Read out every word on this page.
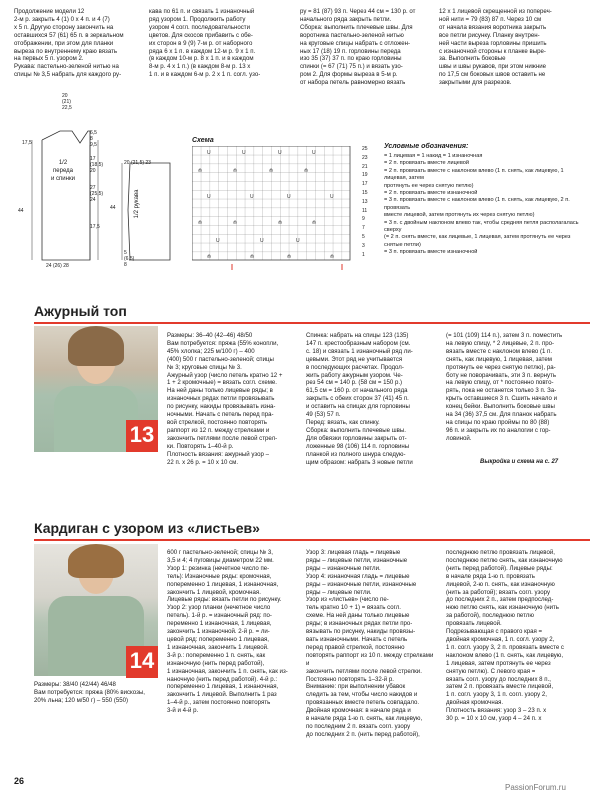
Продолжение модели 12
2-м р. закрыть 4 (1) 0 х 4 п. и 4 (7)
х 5 п. Другую сторону закончить на
оставшихся 57 (61) 65 п. в зеркальном
отображении, при этом для планки
выреза по внутреннему краю вязать
на первых 5 п. узором 2.
Рукава: пастельно-зеленой нитью на
спицы № 3,5 набрать для каждого ру-
кава по 61 п. и связать 1 изнаночный
ряд узором 1. Продолжить работу
узором 4 согл. последовательности
цветов. Для скосов прибавить с обе-
их сторон в 9 (9) 7-м р. от наборного
ряда 6 х 1 п. в каждом 12-м р. 9 х 1 п.
(в каждом 10-м р. 8 х 1 п. и в каждом
8-м р. 4 х 1 п.) (в каждом 8-м р. 13 х
1 п. и в каждом 6-м р. 2 х 1 п. согл. узо-
ру = 81 (87) 93 п. Через 44 см = 130 р. от
начального ряда закрыть петли.
Сборка: выполнить плечевые швы. Для
воротника пастельно-зеленой нитью
на круговые спицы набрать с отложен-
ных 17 (18) 19 п. горловины переда
изо 35 (37) 37 п. по краю горловины
спинки (= 67 (71) 75 п.) и вязать узо-
ром 2. Для формы выреза в 5-м р.
от набора петель равномерно вязать
12 х 1 лицевой скрещенной из попереч-
ной нити = 79 (83) 87 п. Через 10 см
от начала вязания воротника закрыть
все петли рисунку. Планку внутрен-
ней части выреза горловины пришить
с изнаночной стороны к планке выре-
за. Выполнить боковые
швы и швы рукавов, при этом нижние
по 17,5 см боковых швов оставить не
закрытыми для разрезов.
1/2
переда
и спинки
1/2 рукава
20
(21)
22,5
6,5
8
9,5
17
(18,5)
20
20 (21,5) 23
27
(25,5)
24
44
17,5
24 (26) 28
44
5
(6,5)
8
17,5	Схема
U	U	U	U
⟰	⟰	⟰	⟰
U	U	U	U
⟰	⟰	⟰	⟰
U	U	U
⟰	⟰	⟰	⟰
25
23
21
19
17
15
13
11
9
7
5
3
1
Условные обозначения:
= 1 лицевая = 1 накид = 1 изнаночная
= 2 п. провязать вместе лицевой
= 2 п. провязать вместе с наклоном влево (1 п. снять, как лицевую, 1 лицевая, затем
протянуть ее через снятую петлю)
= 2 п. провязать вместе изнаночной
= 3 п. провязать вместе с наклоном влево (1 п. снять, как лицевую, 2 п. провязать
вместе лицевой, затем протянуть их через снятую петлю)
= 3 п. с двойным наклоном влево так, чтобы средняя петля располагалась сверху
(= 2 п. снять вместе, как лицевые, 1 лицевая, затем протянуть ее через
снятые петли)
= 3 п. провязать вместе изнаночной
Ажурный топ
13
Размеры: 36–40 (42–46) 48/50
Вам потребуется: пряжа (55% конопли,
45% хлопка; 225 м/100 г) – 400
(400) 500 г пастельно-зеленой; спицы
№ 3; круговые спицы № 3.
Ажурный узор (число петель кратно 12 +
1 + 2 кромочные) = вязать согл. схеме.
На ней даны только лицевые ряды; в
изнаночных рядах петли провязывать
по рисунку, накиды провязывать изна-
ночными. Начать с петель перед пра-
вой стрелкой, постоянно повторять
раппорт из 12 п. между стрелками и
закончить петлями после левой стрел-
ки. Повторять 1–40-й р.
Плотность вязания: ажурный узор –
22 п. х 26 р. = 10 х 10 см.
Спинка: набрать на спицы 123 (135)
147 п. крестообразным набором (см.
с. 18) и связать 1 изнаночный ряд ли-
цевыми. Этот ряд не учитывается
в последующих расчетах. Продол-
жить работу ажурным узором. Че-
рез 54 см = 140 р. (58 см = 150 р.)
61,5 см = 160 р. от начального ряда
закрыть с обеих сторон 37 (41) 45 п.
и оставить на спицах для горловины
49 (53) 57 п.
Перед: вязать, как спинку.
Сборка: выполнить плечевые швы.
Для обвязки горловины закрыть от-
ложенные 98 (106) 114 п. горловины
планкой из полного шнура следую-
щим образом: набрать 3 новые петли
(= 101 (109) 114 п.), затем 3 п. поместить
на левую спицу, * 2 лицевые, 2 п. про-
вязать вместе с наклоном влево (1 п.
снять, как лицевую, 1 лицевая, затем
протянуть ее через снятую петлю), ра-
боту не поворачивать, эти 3 п. вернуть
на левую спицу, от * постоянно повто-
рять, пока не останется только 3 п. За-
крыть оставшиеся 3 п. Сшить начало и
конец бейки. Выполнить боковые швы
на 34 (36) 37,5 см. Для планок набрать
на спицы по краю проймы по 80 (88)
96 п. и закрыть их по аналогии с гор-
ловиной.
Выкройка и схема на с. 27
Кардиган с узором из «листьев»
14
Размеры: 38/40 (42/44) 46/48
Вам потребуется: пряжа (80% вискозы,
20% льна; 120 м/50 г) – 550 (550)
600 г пастельно-зеленой; спицы № 3,
3,5 и 4; 4 пуговицы диаметром 22 мм.
Узор 1: резинка (нечетное число пе-
тель): Изнаночные ряды: кромочная,
попеременно 1 лицевая, 1 изнаночная,
закончить 1 лицевой, кромочная.
Лицевые ряды: вязать петли по рисунку.
Узор 2: узор планки (нечетное число
петель). 1-й р. = изнаночный ряд: по-
переменно 1 изнаночная, 1 лицевая,
закончить 1 изнаночной. 2-й р. = ли-
цевой ряд: попеременно 1 лицевая,
1 изнаночная, закончить 1 лицевой.
3-й р.: попеременно 1 п. снять, как
изнаночную (нить перед работой),
1 изнаночная, закончить 1 п. снять, как из-
наночную (нить перед работой). 4-й р.:
попеременно 1 лицевая, 1 изнаночная,
закончить 1 лицевой. Выполнить 1 раз
1–4-й р., затем постоянно повторять
3-й и 4-й р.
Узор 3: лицевая гладь = лицевые
ряды – лицевые петли, изнаночные
ряды – изнаночные петли.
Узор 4: изнаночная гладь = лицевые
ряды – изнаночные петли, изнаночные
ряды – лицевые петли.
Узор из «листьев» (число пе-
тель кратно 10 + 1) = вязать согл.
схеме. На ней даны только лицевые
ряды; в изнаночных рядах петли про-
вязывать по рисунку, накиды провязы-
вать изнаночными. Начать с петель
перед правой стрелкой, постоянно
повторять раппорт из 10 п. между стрелками и
закончить петлями после левой стрелки.
Постоянно повторять 1–32-й р.
Внимание: при выполнении убавок
следить за тем, чтобы число накидов и
провязанных вместе петель совпадало.
Двойная кромочная: в начале ряда и
в начале ряда 1-ю п. снять, как лицевую,
по последним 2 п. вязать согл. узору
до последних 2 п. (нить перед работой),
последнюю петлю провязать лицевой,
последнюю петлю снять, как изнаночную
(нить перед работой). Лицевые ряды:
в начале ряда 1-ю п. провязать
лицевой, 2-ю п. снять, как изнаночную
(нить за работой); вязать согл. узору
до последних 2 п., затем предпослед-
нюю петлю снять, как изнаночную (нить
за работой), последнюю петлю
провязать лицевой.
Подрезывающая с правого края =
двойная кромочная, 1 п. согл. узору 2,
1 п. согл. узору 3, 2 п. провязать вместе с
наклоном влево (1 п. снять, как лицевую,
1 лицевая, затем протянуть ее через
снятую петлю). С левого края =
вязать согл. узору до последних 8 п.,
затем 2 п. провязать вместе лицевой,
1 п. согл. узору 3, 1 п. согл. узору 2,
двойная кромочная.
Плотность вязания: узор 3 – 23 п. х
30 р. = 10 х 10 см, узор 4 – 24 п. х
26
PassionForum.ru
